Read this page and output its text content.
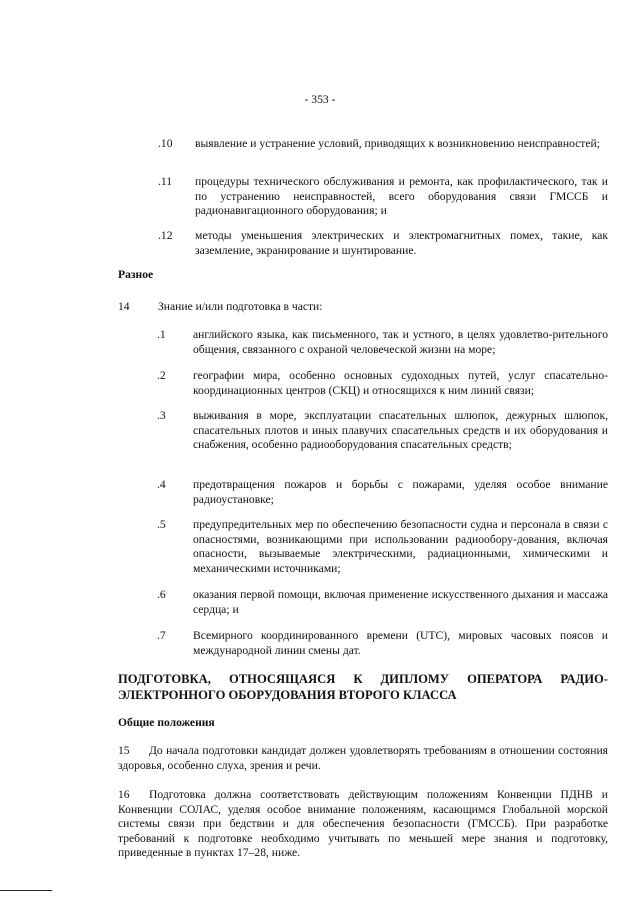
- 353 -
.10 выявление и устранение условий, приводящих к возникновению неисправностей;
.11 процедуры технического обслуживания и ремонта, как профилактического, так и по устранению неисправностей, всего оборудования связи ГМССБ и радионавигационного оборудования; и
.12 методы уменьшения электрических и электромагнитных помех, такие, как заземление, экранирование и шунтирование.
Разное
14 Знание и/или подготовка в части:
.1 английского языка, как письменного, так и устного, в целях удовлетво-рительного общения, связанного с охраной человеческой жизни на море;
.2 географии мира, особенно основных судоходных путей, услуг спасательно-координационных центров (СКЦ) и относящихся к ним линий связи;
.3 выживания в море, эксплуатации спасательных шлюпок, дежурных шлюпок, спасательных плотов и иных плавучих спасательных средств и их оборудования и снабжения, особенно радиооборудования спасательных средств;
.4 предотвращения пожаров и борьбы с пожарами, уделяя особое внимание радиоустановке;
.5 предупредительных мер по обеспечению безопасности судна и персонала в связи с опасностями, возникающими при использовании радиообору-дования, включая опасности, вызываемые электрическими, радиационными, химическими и механическими источниками;
.6 оказания первой помощи, включая применение искусственного дыхания и массажа сердца; и
.7 Всемирного координированного времени (UTC), мировых часовых поясов и международной линии смены дат.
ПОДГОТОВКА, ОТНОСЯЩАЯСЯ К ДИПЛОМУ ОПЕРАТОРА РАДИО-ЭЛЕКТРОННОГО ОБОРУДОВАНИЯ ВТОРОГО КЛАССА
Общие положения
15 До начала подготовки кандидат должен удовлетворять требованиям в отношении состояния здоровья, особенно слуха, зрения и речи.
16 Подготовка должна соответствовать действующим положениям Конвенции ПДНВ и Конвенции СОЛАС, уделяя особое внимание положениям, касающимся Глобальной морской системы связи при бедствии и для обеспечения безопасности (ГМССБ). При разработке требований к подготовке необходимо учитывать по меньшей мере знания и подготовку, приведенные в пунктах 17–28, ниже.
